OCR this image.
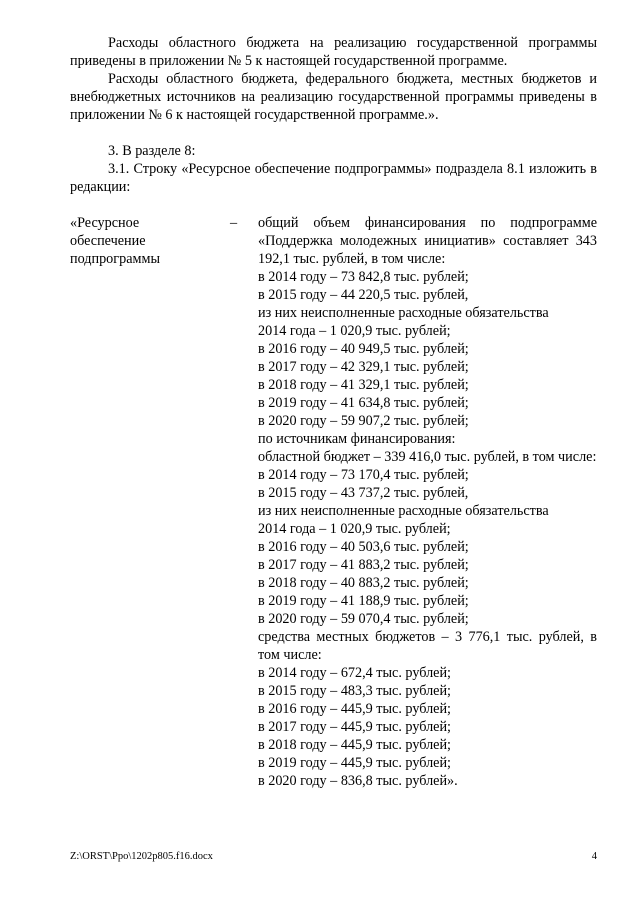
Расходы областного бюджета на реализацию государственной программы приведены в приложении № 5 к настоящей государственной программе.

Расходы областного бюджета, федерального бюджета, местных бюджетов и внебюджетных источников на реализацию государственной программы приведены в приложении № 6 к настоящей государственной программе.».

3. В разделе 8:

3.1. Строку «Ресурсное обеспечение подпрограммы» подраздела 8.1 изложить в редакции:

«Ресурсное
обеспечение
подпрограммы
–	общий объем финансирования по подпрограмме «Поддержка молодежных инициатив» составляет 343 192,1 тыс. рублей, в том числе:
в 2014 году – 73 842,8 тыс. рублей;
в 2015 году – 44 220,5 тыс. рублей,
из них неисполненные расходные обязательства
2014 года – 1 020,9 тыс. рублей;
в 2016 году – 40 949,5 тыс. рублей;
в 2017 году – 42 329,1 тыс. рублей;
в 2018 году – 41 329,1 тыс. рублей;
в 2019 году – 41 634,8 тыс. рублей;
в 2020 году – 59 907,2 тыс. рублей;
по источникам финансирования:
областной бюджет – 339 416,0 тыс. рублей, в том числе:
в 2014 году – 73 170,4 тыс. рублей;
в 2015 году – 43 737,2 тыс. рублей,
из них неисполненные расходные обязательства
2014 года – 1 020,9 тыс. рублей;
в 2016 году – 40 503,6 тыс. рублей;
в 2017 году – 41 883,2 тыс. рублей;
в 2018 году – 40 883,2 тыс. рублей;
в 2019 году – 41 188,9 тыс. рублей;
в 2020 году – 59 070,4 тыс. рублей;
средства местных бюджетов – 3 776,1 тыс. рублей, в том числе:
в 2014 году – 672,4 тыс. рублей;
в 2015 году – 483,3 тыс. рублей;
в 2016 году – 445,9 тыс. рублей;
в 2017 году – 445,9 тыс. рублей;
в 2018 году – 445,9 тыс. рублей;
в 2019 году – 445,9 тыс. рублей;
в 2020 году – 836,8 тыс. рублей».
Z:\ORST\Ppo\1202p805.f16.docx	4
